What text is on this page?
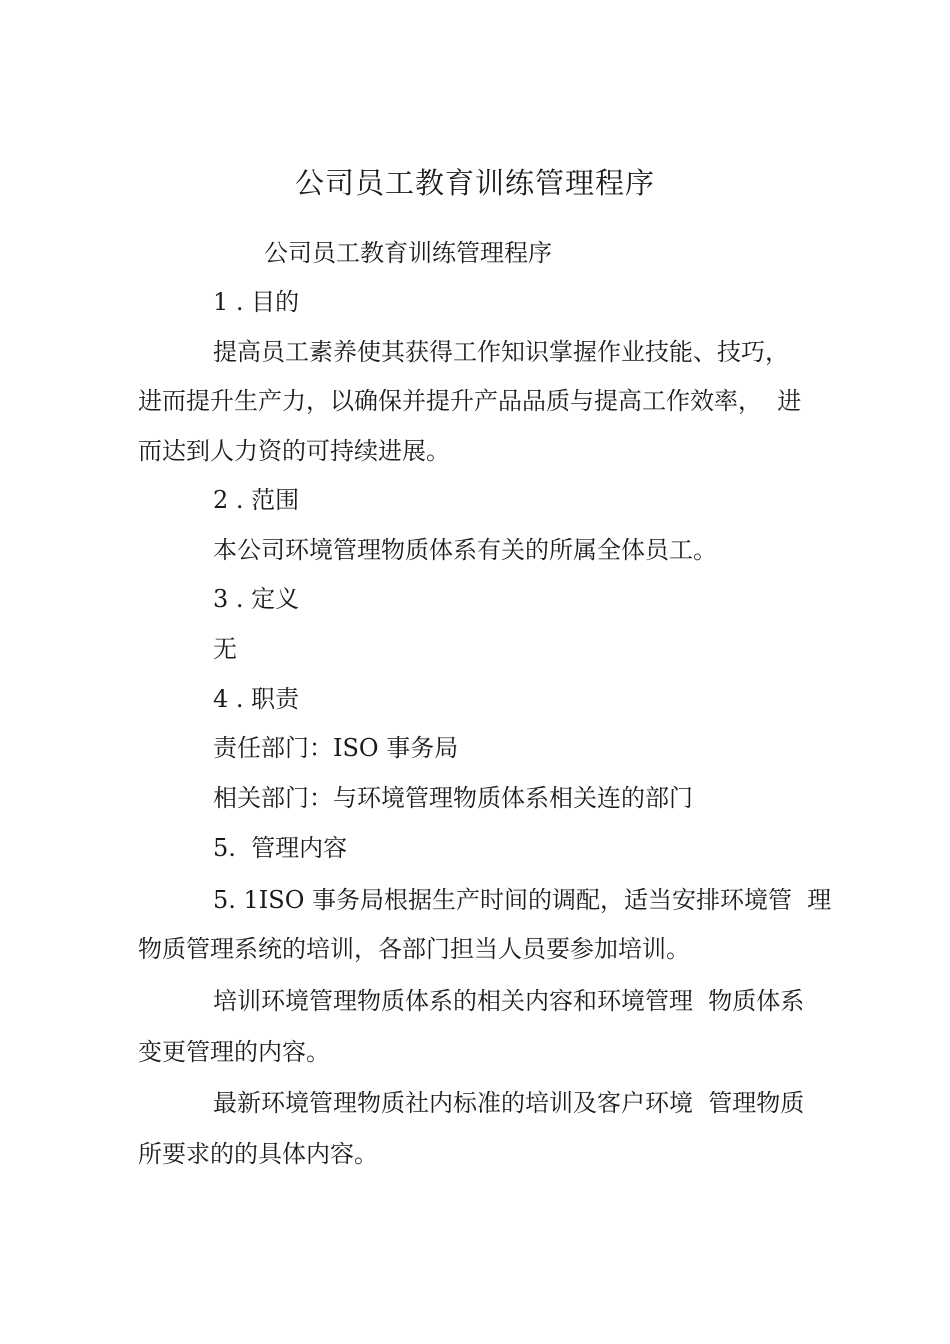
公司员工教育训练管理程序
公司员工教育训练管理程序
1 . 目的
提高员工素养使其获得工作知识掌握作业技能、技巧，
进而提升生产力，以确保并提升产品品质与提高工作效率，  进
而达到人力资的可持续进展。
2 . 范围
本公司环境管理物质体系有关的所属全体员工。
3 . 定义
无
4 . 职责
责任部门：ISO 事务局
相关部门：与环境管理物质体系相关连的部门
5.  管理内容
5. 1ISO 事务局根据生产时间的调配，适当安排环境管  理
物质管理系统的培训，各部门担当人员要参加培训。
培训环境管理物质体系的相关内容和环境管理  物质体系
变更管理的内容。
最新环境管理物质社内标准的培训及客户环境  管理物质
所要求的的具体内容。
